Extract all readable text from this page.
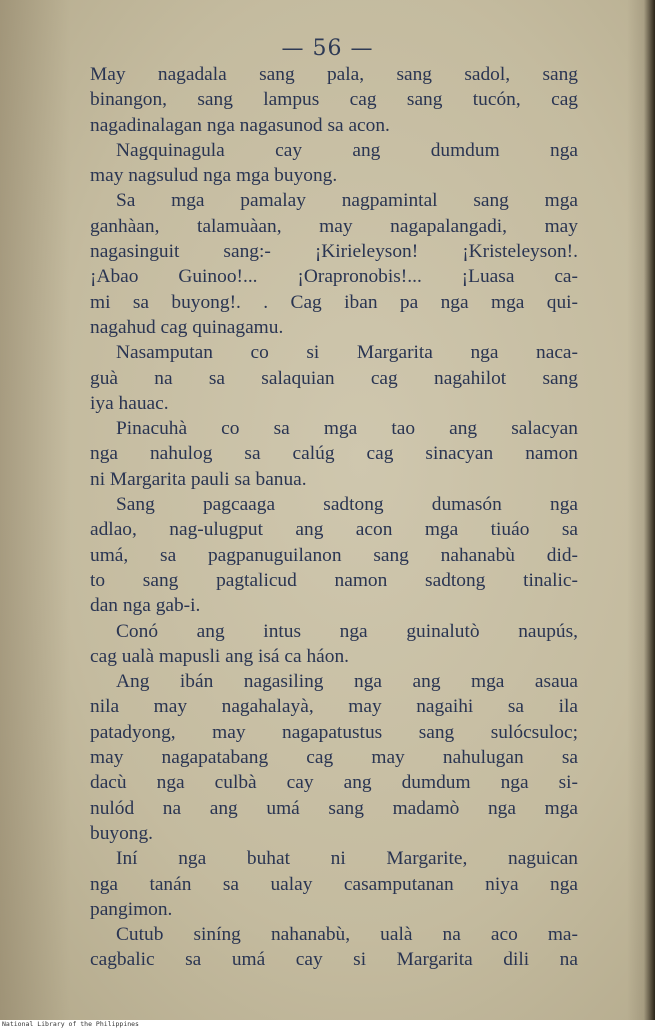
— 56 —
May nagadala sang pala, sang sadol, sang
binangon, sang lampus cag sang tucón, cag
nagadinalagan nga nagasunod sa acon.
Nagquinagula cay ang dumdum nga
may nagsulud nga mga buyong.
Sa mga pamalay nagpamintal sang mga
ganhàan, talamuàan, may nagapalangadi, may
nagasinguit sang:- ¡Kirieleyson! ¡Kristeleyson!.
¡Abao Guinoo!... ¡Orapronobis!... ¡Luasa ca-
mi sa buyong!. . Cag iban pa nga mga qui-
nagahud cag quinagamu.
Nasamputan co si Margarita nga naca-
guà na sa salaquian cag nagahilot sang
iya hauac.
Pinacuhà co sa mga tao ang salacyan
nga nahulog sa calúg cag sinacyan namon
ni Margarita pauli sa banua.
Sang pagcaaga sadtong dumasón nga
adlao, nag-ulugput ang acon mga tiuáo sa
umá, sa pagpanuguilanon sang nahanabù did-
to sang pagtalicud namon sadtong tinalic-
dan nga gab-i.
Conó ang intus nga guinalutò naupús,
cag ualà mapusli ang isá ca háon.
Ang ibán nagasiling nga ang mga asaua
nila may nagahalayà, may nagaihi sa ila
patadyong, may nagapatustus sang sulócsuloc;
may nagapatabang cag may nahulugan sa
dacù nga culbà cay ang dumdum nga si-
nulód na ang umá sang madamò nga mga
buyong.
Iní nga buhat ni Margarite, naguican
nga tanán sa ualay casamputanan niya nga
pangimon.
Cutub siníng nahanabù, ualà na aco ma-
cagbalic sa umá cay si Margarita dili na
National Library of the Philippines
